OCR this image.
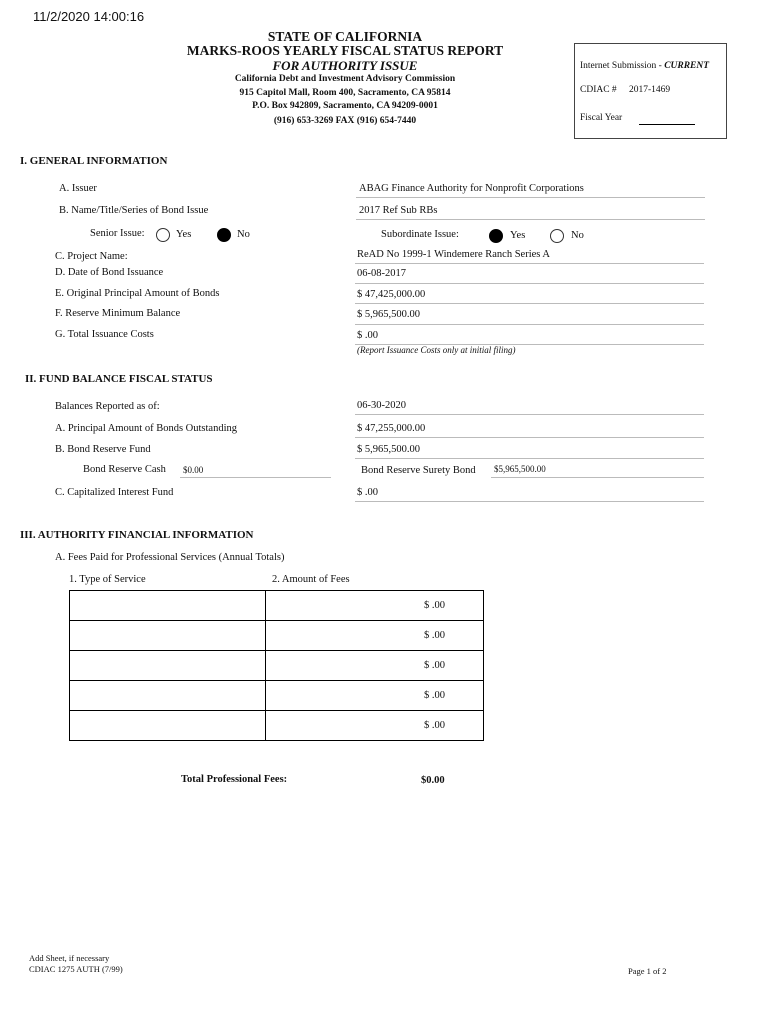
11/2/2020 14:00:16
STATE OF CALIFORNIA
MARKS-ROOS YEARLY FISCAL STATUS REPORT
FOR AUTHORITY ISSUE
California Debt and Investment Advisory Commission
915 Capitol Mall, Room 400, Sacramento, CA 95814
P.O. Box 942809, Sacramento, CA 94209-0001
(916) 653-3269 FAX (916) 654-7440
Internet Submission - CURRENT
CDIAC # 2017-1469
Fiscal Year
I. GENERAL INFORMATION
A. Issuer	ABAG Finance Authority for Nonprofit Corporations
B. Name/Title/Series of Bond Issue	2017 Ref Sub RBs
Senior Issue:	Yes	No	Subordinate Issue:	Yes	No
C. Project Name:	ReAD No 1999-1 Windemere Ranch Series A
D. Date of Bond Issuance	06-08-2017
E. Original Principal Amount of Bonds	$ 47,425,000.00
F. Reserve Minimum Balance	$ 5,965,500.00
G. Total Issuance Costs	$ .00
(Report Issuance Costs only at initial filing)
II. FUND BALANCE FISCAL STATUS
Balances Reported as of:	06-30-2020
A. Principal Amount of Bonds Outstanding	$ 47,255,000.00
B. Bond Reserve Fund	$ 5,965,500.00
Bond Reserve Cash $0.00	Bond Reserve Surety Bond $5,965,500.00
C. Capitalized Interest Fund	$ .00
III. AUTHORITY FINANCIAL INFORMATION
A. Fees Paid for Professional Services (Annual Totals)
1. Type of Service	2. Amount of Fees
	$ .00
	$ .00
	$ .00
	$ .00
	$ .00
Total Professional Fees:	$0.00
Add Sheet, if necessary
CDIAC 1275 AUTH (7/99)	Page 1 of 2
